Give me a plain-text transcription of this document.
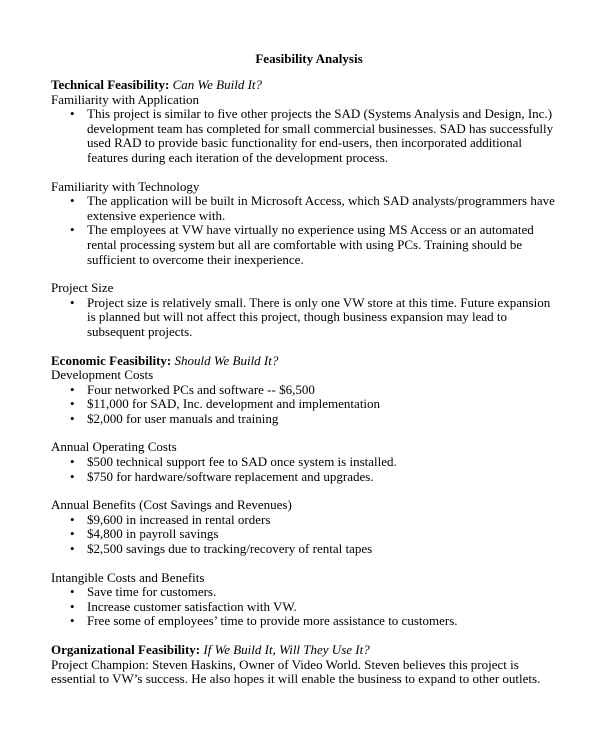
Feasibility Analysis

Technical Feasibility: Can We Build It?

Familiarity with Application

• This project is similar to five other projects the SAD (Systems Analysis and Design, Inc.) development team has completed for small commercial businesses. SAD has successfully used RAD to provide basic functionality for end-users, then incorporated additional features during each iteration of the development process.

Familiarity with Technology

• The application will be built in Microsoft Access, which SAD analysts/programmers have extensive experience with.
• The employees at VW have virtually no experience using MS Access or an automated rental processing system but all are comfortable with using PCs. Training should be sufficient to overcome their inexperience.

Project Size

• Project size is relatively small. There is only one VW store at this time. Future expansion is planned but will not affect this project, though business expansion may lead to subsequent projects.

Economic Feasibility: Should We Build It?

Development Costs

• Four networked PCs and software -- $6,500
• $11,000 for SAD, Inc. development and implementation
• $2,000 for user manuals and training

Annual Operating Costs

• $500 technical support fee to SAD once system is installed.
• $750 for hardware/software replacement and upgrades.

Annual Benefits (Cost Savings and Revenues)

• $9,600 in increased in rental orders
• $4,800 in payroll savings
• $2,500 savings due to tracking/recovery of rental tapes

Intangible Costs and Benefits

• Save time for customers.
• Increase customer satisfaction with VW.
• Free some of employees’ time to provide more assistance to customers.

Organizational Feasibility: If We Build It, Will They Use It?

Project Champion: Steven Haskins, Owner of Video World. Steven believes this project is essential to VW’s success. He also hopes it will enable the business to expand to other outlets.
